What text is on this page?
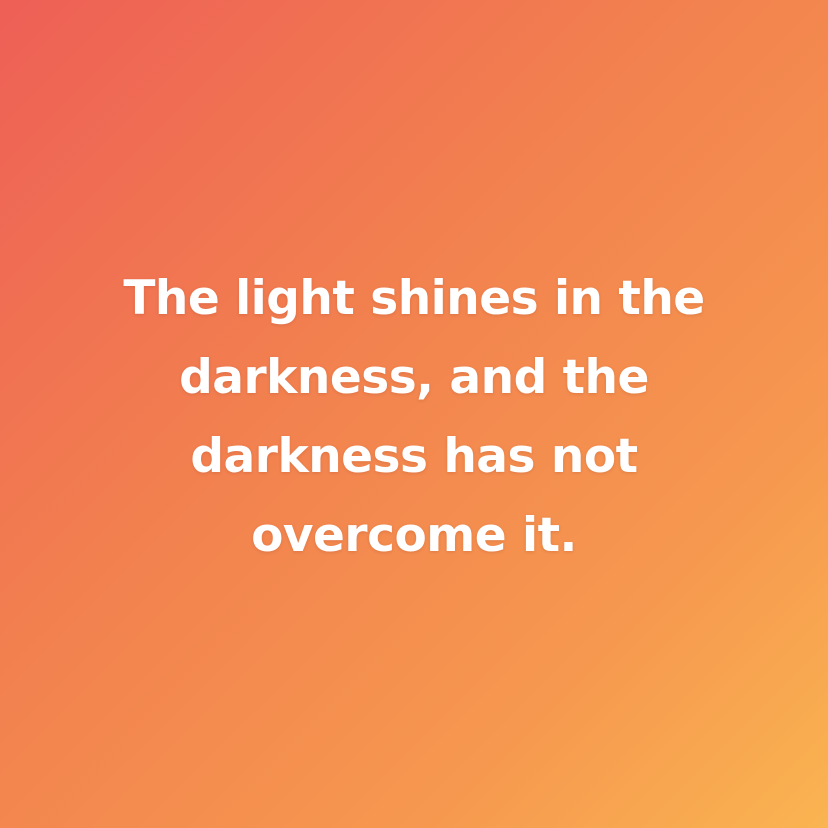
The light shines in the
darkness, and the
darkness has not
overcome it.
